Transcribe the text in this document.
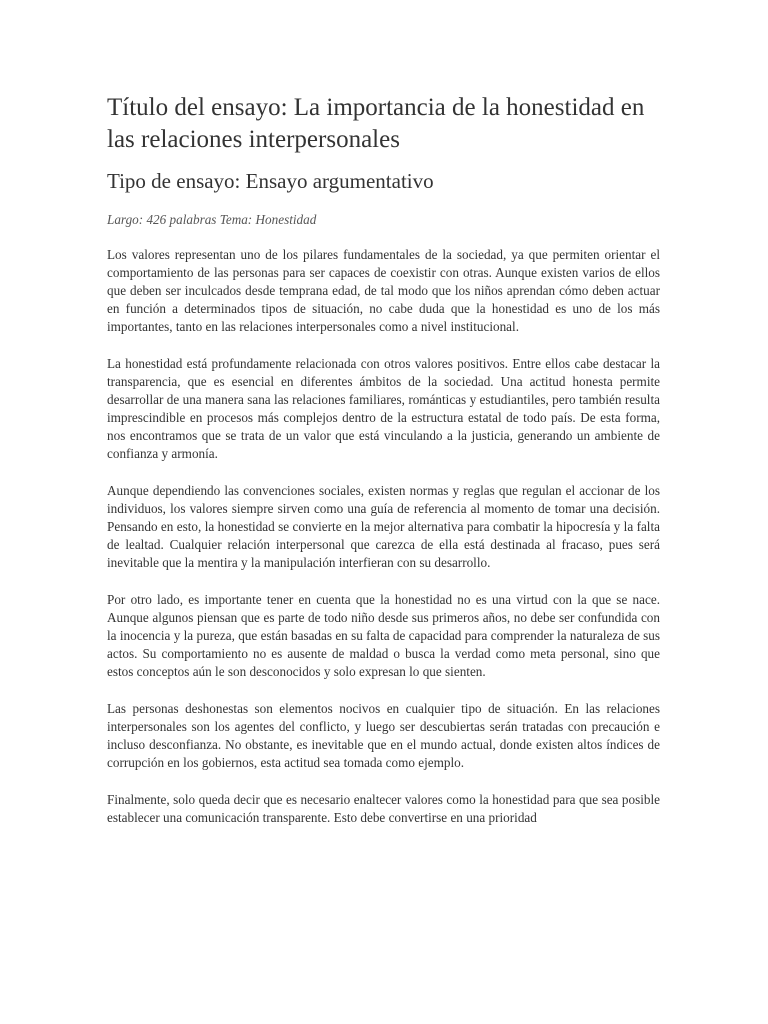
Título del ensayo: La importancia de la honestidad en las relaciones interpersonales
Tipo de ensayo: Ensayo argumentativo

Largo: 426 palabras Tema: Honestidad

Los valores representan uno de los pilares fundamentales de la sociedad, ya que permiten orientar el comportamiento de las personas para ser capaces de coexistir con otras. Aunque existen varios de ellos que deben ser inculcados desde temprana edad, de tal modo que los niños aprendan cómo deben actuar en función a determinados tipos de situación, no cabe duda que la honestidad es uno de los más importantes, tanto en las relaciones interpersonales como a nivel institucional.

La honestidad está profundamente relacionada con otros valores positivos. Entre ellos cabe destacar la transparencia, que es esencial en diferentes ámbitos de la sociedad. Una actitud honesta permite desarrollar de una manera sana las relaciones familiares, románticas y estudiantiles, pero también resulta imprescindible en procesos más complejos dentro de la estructura estatal de todo país. De esta forma, nos encontramos que se trata de un valor que está vinculando a la justicia, generando un ambiente de confianza y armonía.

Aunque dependiendo las convenciones sociales, existen normas y reglas que regulan el accionar de los individuos, los valores siempre sirven como una guía de referencia al momento de tomar una decisión. Pensando en esto, la honestidad se convierte en la mejor alternativa para combatir la hipocresía y la falta de lealtad. Cualquier relación interpersonal que carezca de ella está destinada al fracaso, pues será inevitable que la mentira y la manipulación interfieran con su desarrollo.

Por otro lado, es importante tener en cuenta que la honestidad no es una virtud con la que se nace. Aunque algunos piensan que es parte de todo niño desde sus primeros años, no debe ser confundida con la inocencia y la pureza, que están basadas en su falta de capacidad para comprender la naturaleza de sus actos. Su comportamiento no es ausente de maldad o busca la verdad como meta personal, sino que estos conceptos aún le son desconocidos y solo expresan lo que sienten.

Las personas deshonestas son elementos nocivos en cualquier tipo de situación. En las relaciones interpersonales son los agentes del conflicto, y luego ser descubiertas serán tratadas con precaución e incluso desconfianza. No obstante, es inevitable que en el mundo actual, donde existen altos índices de corrupción en los gobiernos, esta actitud sea tomada como ejemplo.

Finalmente, solo queda decir que es necesario enaltecer valores como la honestidad para que sea posible establecer una comunicación transparente. Esto debe convertirse en una prioridad
